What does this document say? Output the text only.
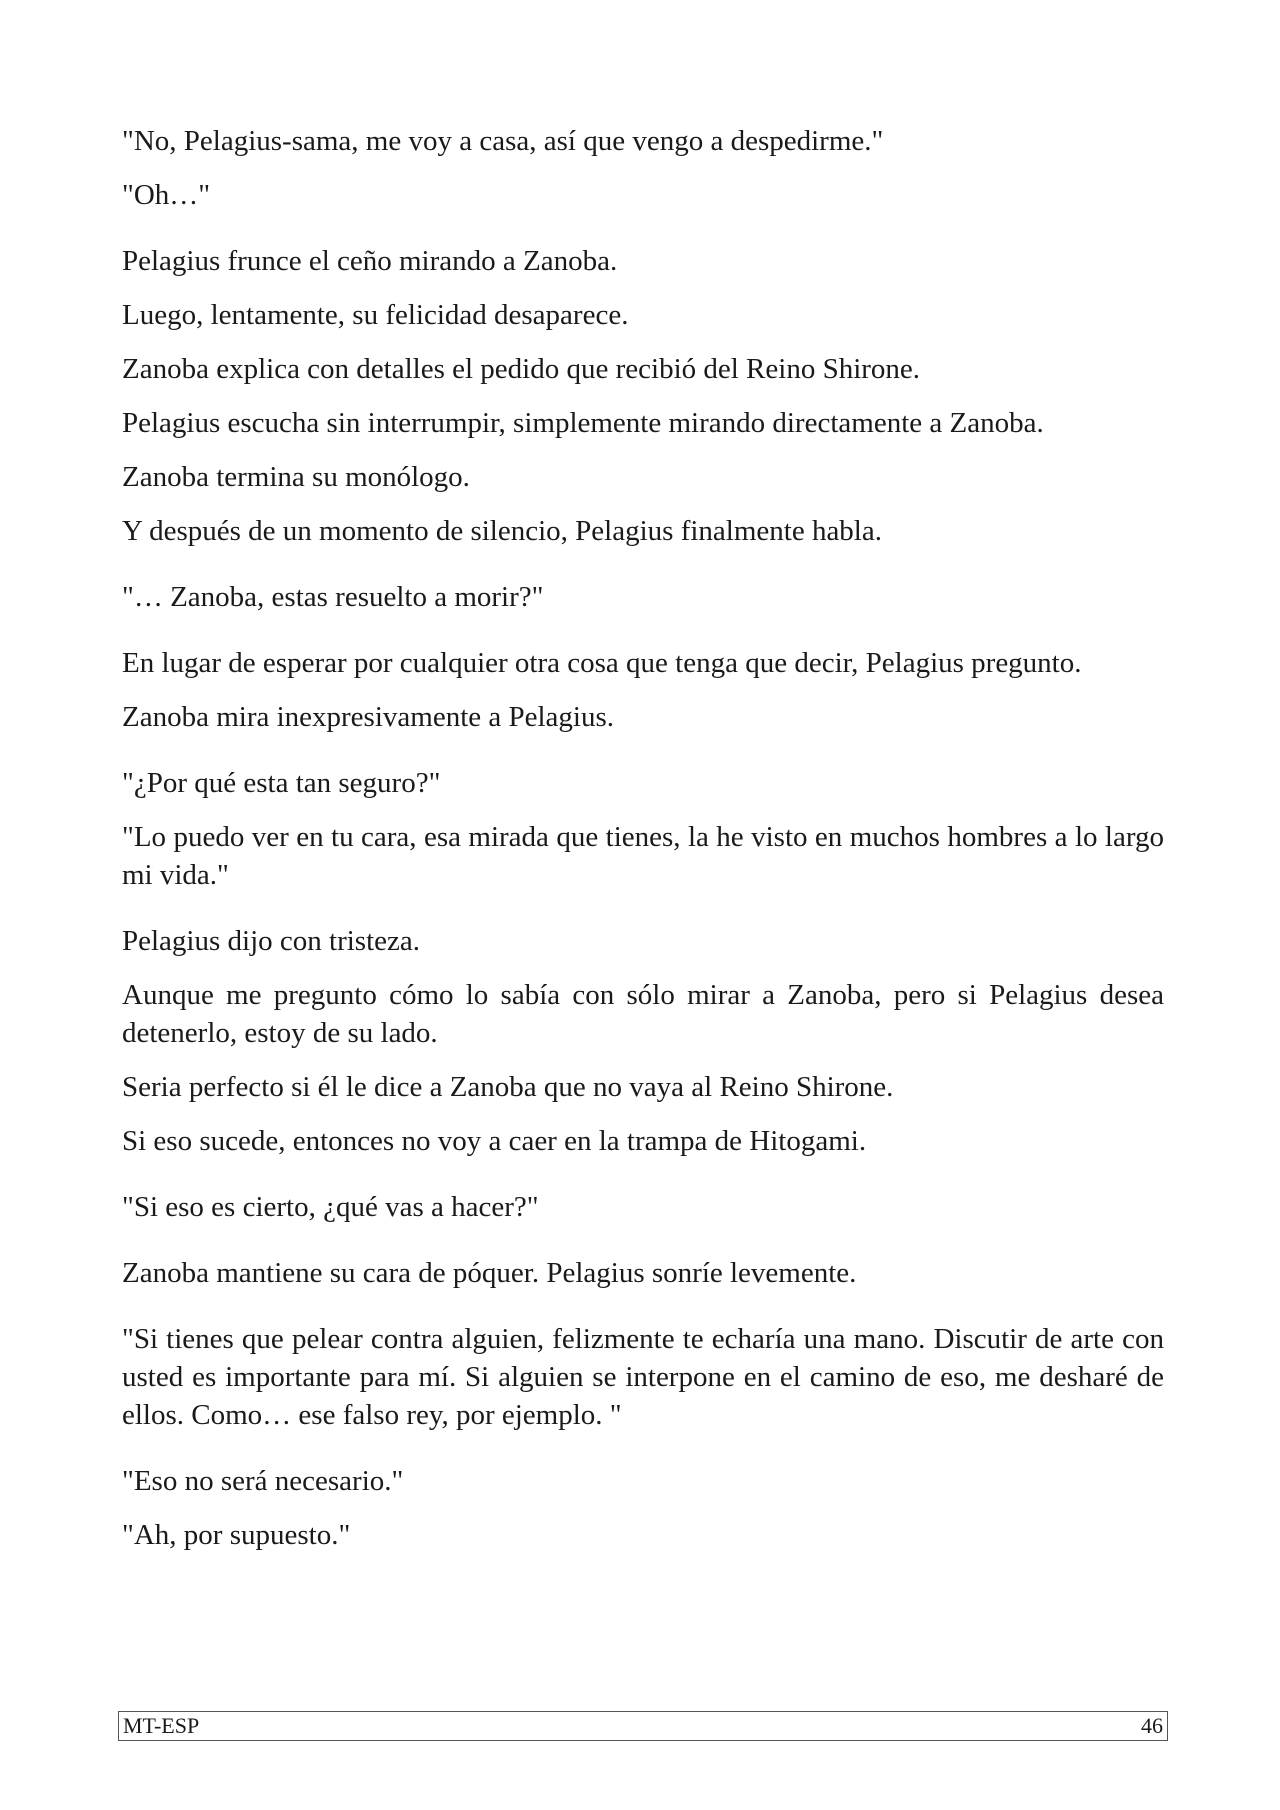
"No, Pelagius-sama, me voy a casa, así que vengo a despedirme."

"Oh…"

Pelagius frunce el ceño mirando a Zanoba.

Luego, lentamente, su felicidad desaparece.

Zanoba explica con detalles el pedido que recibió del Reino Shirone.

Pelagius escucha sin interrumpir, simplemente mirando directamente a Zanoba.

Zanoba termina su monólogo.

Y después de un momento de silencio, Pelagius finalmente habla.

"… Zanoba, estas resuelto a morir?"

En lugar de esperar por cualquier otra cosa que tenga que decir, Pelagius pregunto.

Zanoba mira inexpresivamente a Pelagius.

"¿Por qué esta tan seguro?"

"Lo puedo ver en tu cara, esa mirada que tienes, la he visto en muchos hombres a lo largo mi vida."

Pelagius dijo con tristeza.

Aunque me pregunto cómo lo sabía con sólo mirar a Zanoba, pero si Pelagius desea detenerlo, estoy de su lado.

Seria perfecto si él le dice a Zanoba que no vaya al Reino Shirone.

Si eso sucede, entonces no voy a caer en la trampa de Hitogami.

"Si eso es cierto, ¿qué vas a hacer?"

Zanoba mantiene su cara de póquer. Pelagius sonríe levemente.

"Si tienes que pelear contra alguien, felizmente te echaría una mano. Discutir de arte con usted es importante para mí. Si alguien se interpone en el camino de eso, me desharé de ellos. Como… ese falso rey, por ejemplo. "

"Eso no será necesario."

"Ah, por supuesto."

MT-ESP	46
